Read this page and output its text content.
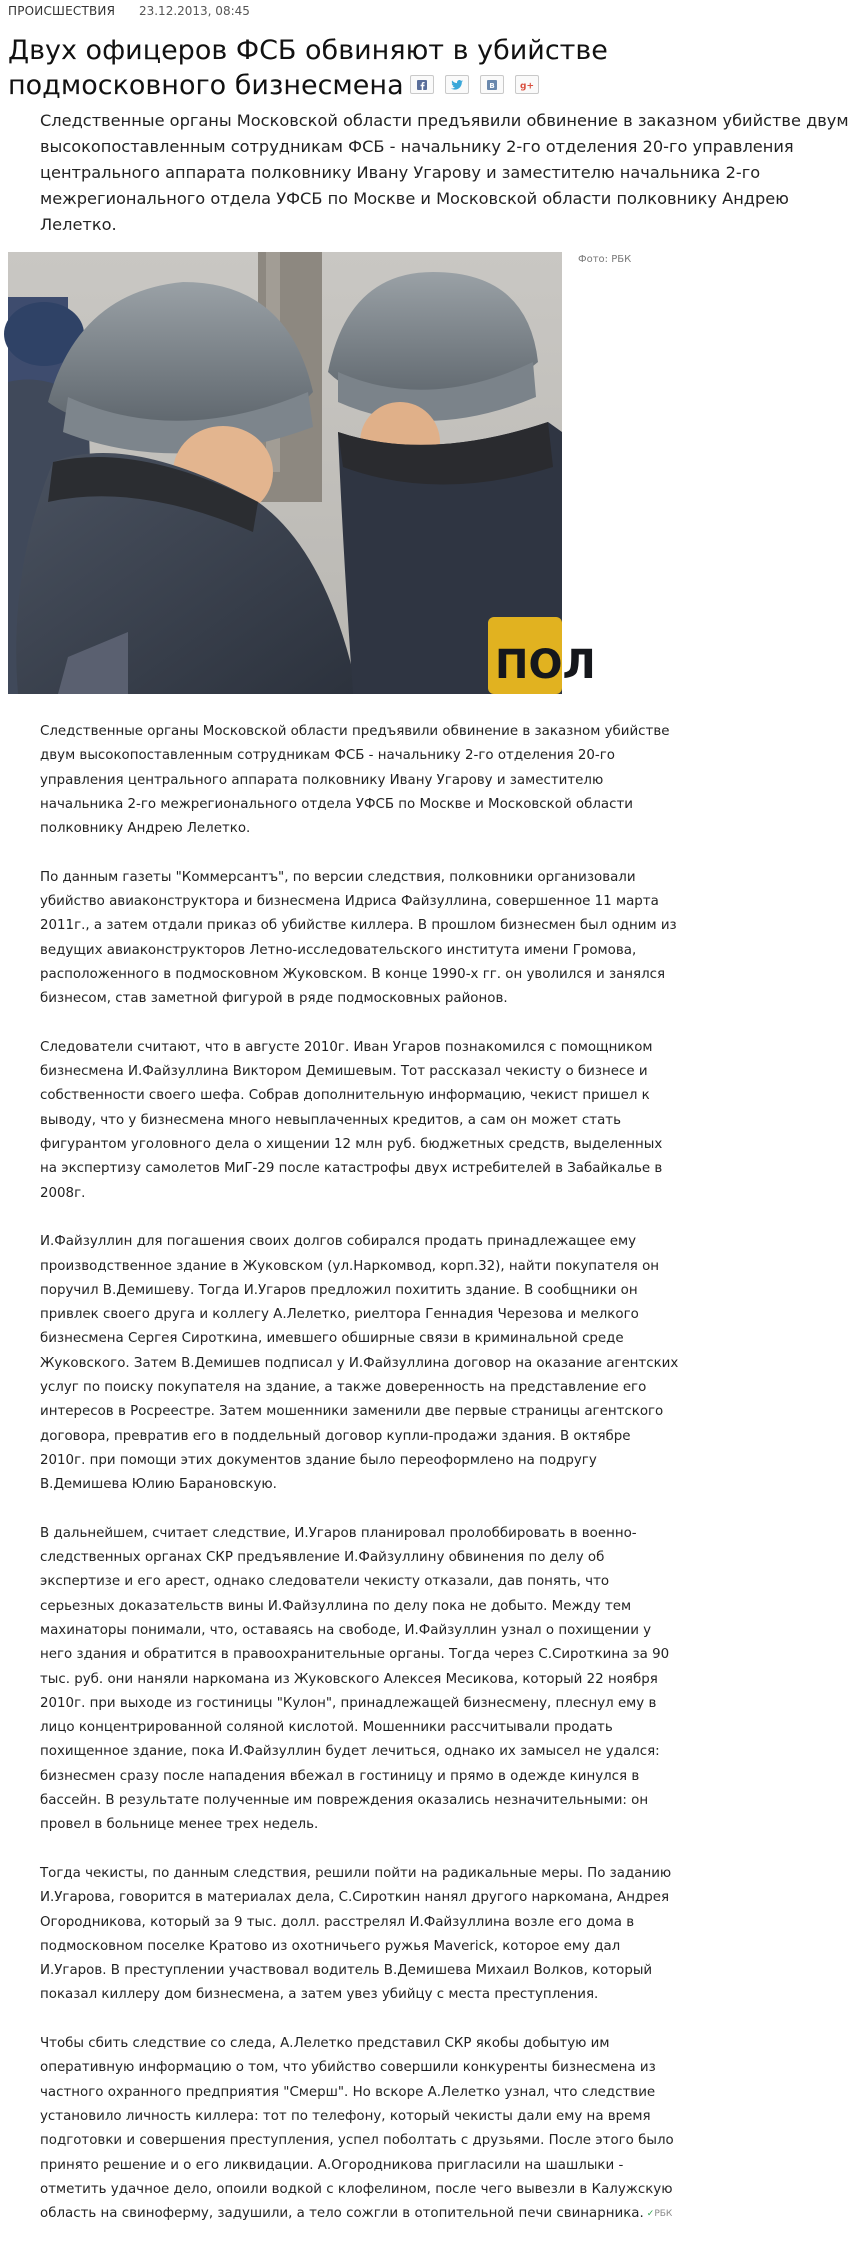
ПРОИСШЕСТВИЯ 23.12.2013, 08:45
Двух офицеров ФСБ обвиняют в убийстве подмосковного бизнесмена	B	g+

Следственные органы Московской области предъявили обвинение в заказном убийстве двум высокопоставленным сотрудникам ФСБ - начальнику 2-го отделения 20-го управления центрального аппарата полковнику Ивану Угарову и заместителю начальника 2-го межрегионального отдела УФСБ по Москве и Московской области полковнику Андрею Лелетко.

ПОЛ
Фото: РБК

Следственные органы Московской области предъявили обвинение в заказном убийстве двум высокопоставленным сотрудникам ФСБ - начальнику 2-го отделения 20-го управления центрального аппарата полковнику Ивану Угарову и заместителю начальника 2-го межрегионального отдела УФСБ по Москве и Московской области полковнику Андрею Лелетко.

По данным газеты "Коммерсантъ", по версии следствия, полковники организовали убийство авиаконструктора и бизнесмена Идриса Файзуллина, совершенное 11 марта 2011г., а затем отдали приказ об убийстве киллера. В прошлом бизнесмен был одним из ведущих авиаконструкторов Летно-исследовательского института имени Громова, расположенного в подмосковном Жуковском. В конце 1990-х гг. он уволился и занялся бизнесом, став заметной фигурой в ряде подмосковных районов.

Следователи считают, что в августе 2010г. Иван Угаров познакомился с помощником бизнесмена И.Файзуллина Виктором Демишевым. Тот рассказал чекисту о бизнесе и собственности своего шефа. Собрав дополнительную информацию, чекист пришел к выводу, что у бизнесмена много невыплаченных кредитов, а сам он может стать фигурантом уголовного дела о хищении 12 млн руб. бюджетных средств, выделенных на экспертизу самолетов МиГ-29 после катастрофы двух истребителей в Забайкалье в 2008г.

И.Файзуллин для погашения своих долгов собирался продать принадлежащее ему производственное здание в Жуковском (ул.Наркомвод, корп.32), найти покупателя он поручил В.Демишеву. Тогда И.Угаров предложил похитить здание. В сообщники он привлек своего друга и коллегу А.Лелетко, риелтора Геннадия Черезова и мелкого бизнесмена Сергея Сироткина, имевшего обширные связи в криминальной среде Жуковского. Затем В.Демишев подписал у И.Файзуллина договор на оказание агентских услуг по поиску покупателя на здание, а также доверенность на представление его интересов в Росреестре. Затем мошенники заменили две первые страницы агентского договора, превратив его в поддельный договор купли-продажи здания. В октябре 2010г. при помощи этих документов здание было переоформлено на подругу В.Демишева Юлию Барановскую.

В дальнейшем, считает следствие, И.Угаров планировал пролоббировать в военно-следственных органах СКР предъявление И.Файзуллину обвинения по делу об экспертизе и его арест, однако следователи чекисту отказали, дав понять, что серьезных доказательств вины И.Файзуллина по делу пока не добыто. Между тем махинаторы понимали, что, оставаясь на свободе, И.Файзуллин узнал о похищении у него здания и обратится в правоохранительные органы. Тогда через С.Сироткина за 90 тыс. руб. они наняли наркомана из Жуковского Алексея Месикова, который 22 ноября 2010г. при выходе из гостиницы "Кулон", принадлежащей бизнесмену, плеснул ему в лицо концентрированной соляной кислотой. Мошенники рассчитывали продать похищенное здание, пока И.Файзуллин будет лечиться, однако их замысел не удался: бизнесмен сразу после нападения вбежал в гостиницу и прямо в одежде кинулся в бассейн. В результате полученные им повреждения оказались незначительными: он провел в больнице менее трех недель.

Тогда чекисты, по данным следствия, решили пойти на радикальные меры. По заданию И.Угарова, говорится в материалах дела, С.Сироткин нанял другого наркомана, Андрея Огородникова, который за 9 тыс. долл. расстрелял И.Файзуллина возле его дома в подмосковном поселке Кратово из охотничьего ружья Maverick, которое ему дал И.Угаров. В преступлении участвовал водитель В.Демишева Михаил Волков, который показал киллеру дом бизнесмена, а затем увез убийцу с места преступления.

Чтобы сбить следствие со следа, А.Лелетко представил СКР якобы добытую им оперативную информацию о том, что убийство совершили конкуренты бизнесмена из частного охранного предприятия "Смерш". Но вскоре А.Лелетко узнал, что следствие установило личность киллера: тот по телефону, который чекисты дали ему на время подготовки и совершения преступления, успел поболтать с друзьями. После этого было принято решение и о его ликвидации. А.Огородникова пригласили на шашлыки - отметить удачное дело, опоили водкой с клофелином, после чего вывезли в Калужскую область на свиноферму, задушили, а тело сожгли в отопительной печи свинарника. ✓РБК
